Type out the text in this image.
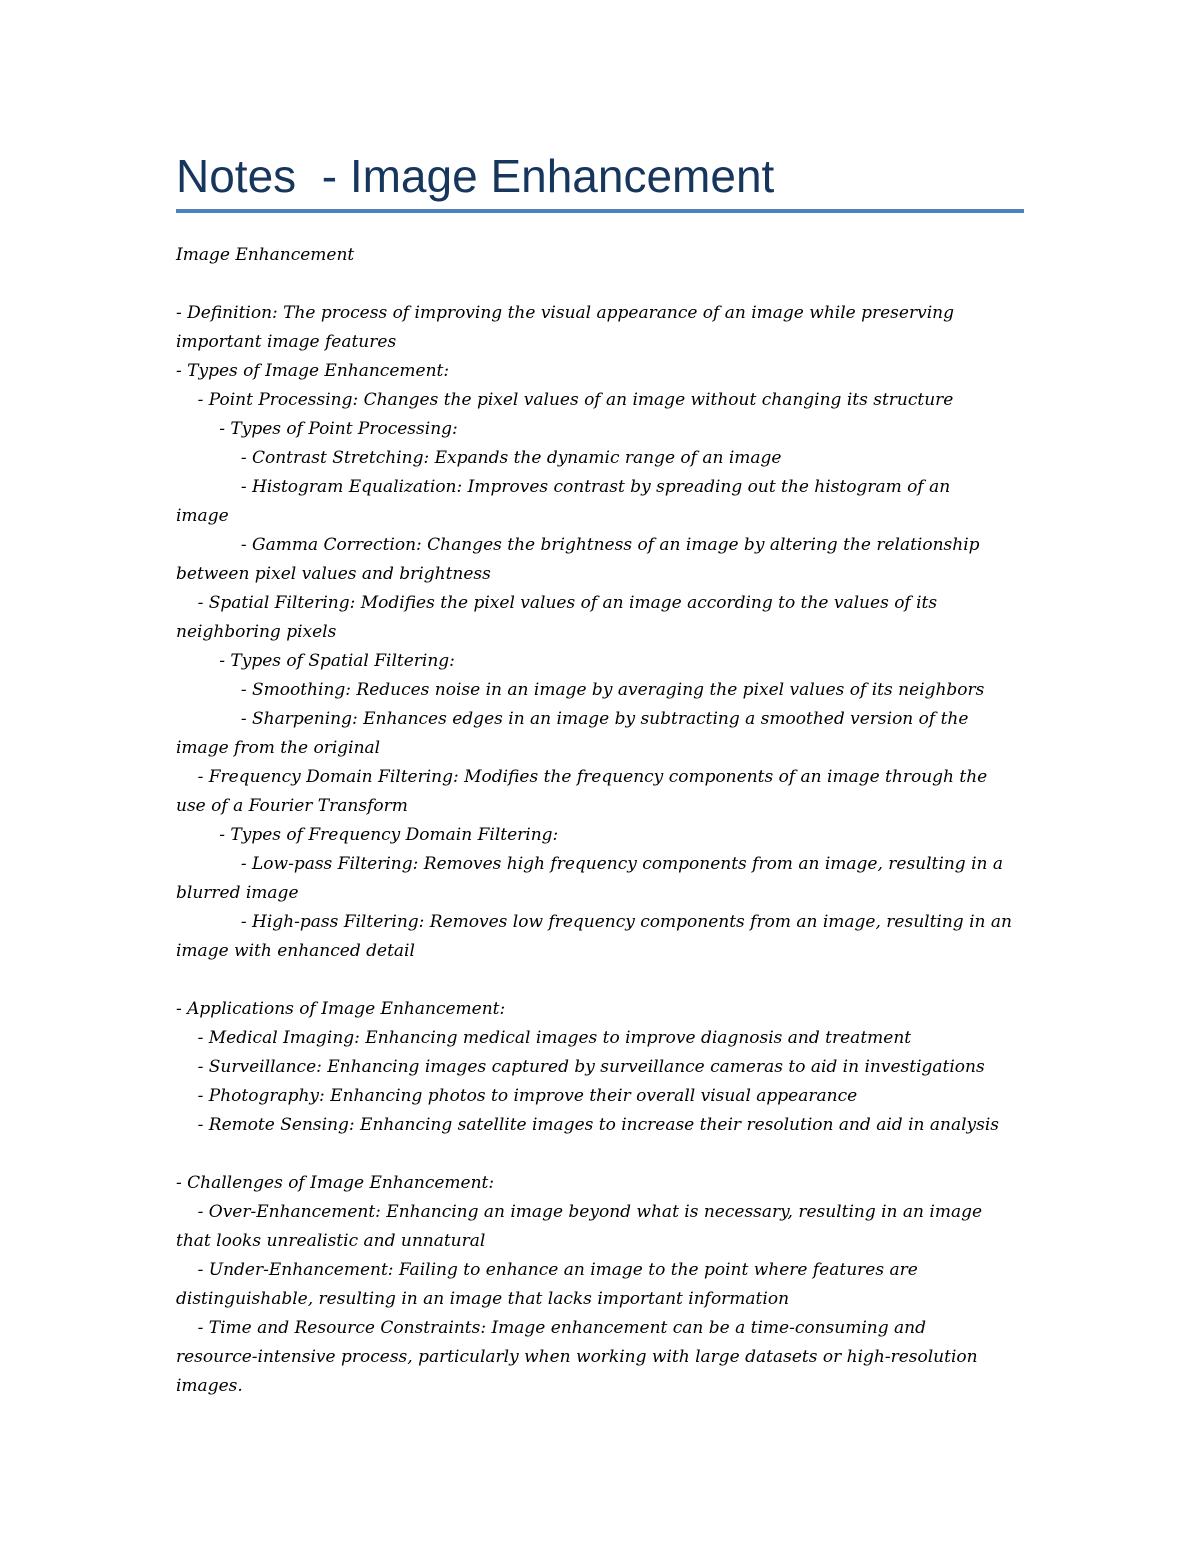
Notes  - Image Enhancement
Image Enhancement
- Definition: The process of improving the visual appearance of an image while preserving
important image features
- Types of Image Enhancement:
- Point Processing: Changes the pixel values of an image without changing its structure
- Types of Point Processing:
- Contrast Stretching: Expands the dynamic range of an image
- Histogram Equalization: Improves contrast by spreading out the histogram of an
image
- Gamma Correction: Changes the brightness of an image by altering the relationship
between pixel values and brightness
- Spatial Filtering: Modifies the pixel values of an image according to the values of its
neighboring pixels
- Types of Spatial Filtering:
- Smoothing: Reduces noise in an image by averaging the pixel values of its neighbors
- Sharpening: Enhances edges in an image by subtracting a smoothed version of the
image from the original
- Frequency Domain Filtering: Modifies the frequency components of an image through the
use of a Fourier Transform
- Types of Frequency Domain Filtering:
- Low-pass Filtering: Removes high frequency components from an image, resulting in a
blurred image
- High-pass Filtering: Removes low frequency components from an image, resulting in an
image with enhanced detail
- Applications of Image Enhancement:
- Medical Imaging: Enhancing medical images to improve diagnosis and treatment
- Surveillance: Enhancing images captured by surveillance cameras to aid in investigations
- Photography: Enhancing photos to improve their overall visual appearance
- Remote Sensing: Enhancing satellite images to increase their resolution and aid in analysis
- Challenges of Image Enhancement:
- Over-Enhancement: Enhancing an image beyond what is necessary, resulting in an image
that looks unrealistic and unnatural
- Under-Enhancement: Failing to enhance an image to the point where features are
distinguishable, resulting in an image that lacks important information
- Time and Resource Constraints: Image enhancement can be a time-consuming and
resource-intensive process, particularly when working with large datasets or high-resolution
images.
